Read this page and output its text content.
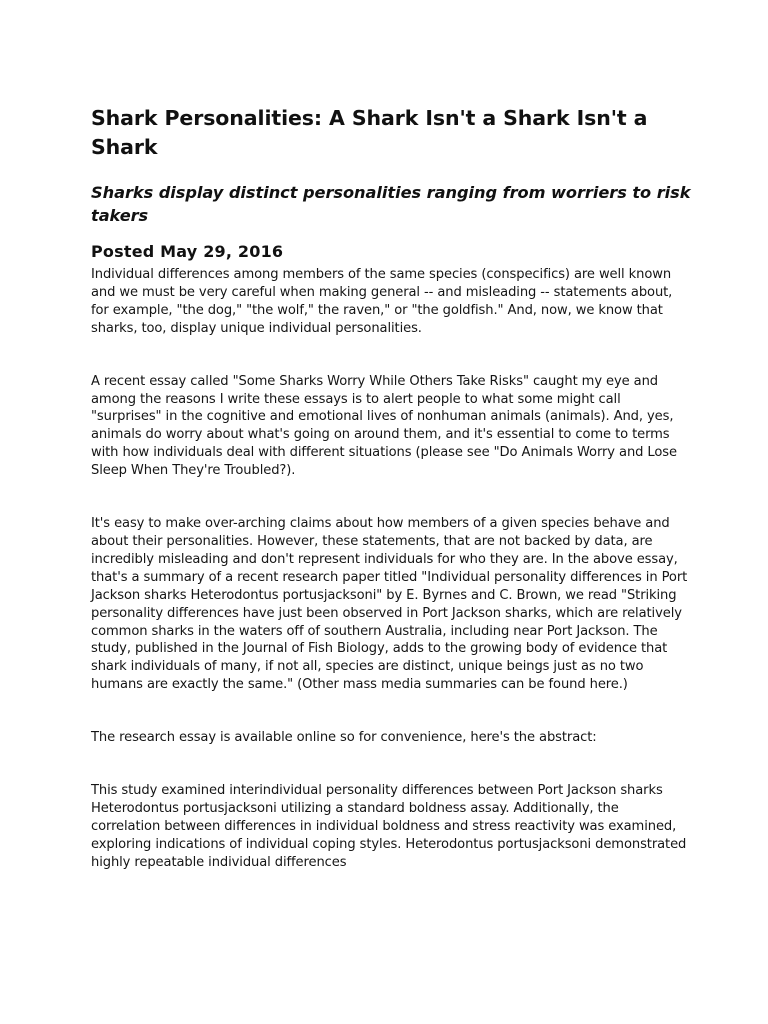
Shark Personalities: A Shark Isn't a Shark Isn't a Shark
Sharks display distinct personalities ranging from worriers to risk takers
Posted May 29, 2016

Individual differences among members of the same species (conspecifics) are well known and we must be very careful when making general -- and misleading -- statements about, for example, "the dog," "the wolf," the raven," or "the goldfish." And, now, we know that sharks, too, display unique individual personalities.

A recent essay called "Some Sharks Worry While Others Take Risks" caught my eye and among the reasons I write these essays is to alert people to what some might call "surprises" in the cognitive and emotional lives of nonhuman animals (animals). And, yes, animals do worry about what's going on around them, and it's essential to come to terms with how individuals deal with different situations (please see "Do Animals Worry and Lose Sleep When They're Troubled?).

It's easy to make over-arching claims about how members of a given species behave and about their personalities. However, these statements, that are not backed by data, are incredibly misleading and don't represent individuals for who they are. In the above essay, that's a summary of a recent research paper titled "Individual personality differences in Port Jackson sharks Heterodontus portusjacksoni" by E. Byrnes and C. Brown, we read "Striking personality differences have just been observed in Port Jackson sharks, which are relatively common sharks in the waters off of southern Australia, including near Port Jackson. The study, published in the Journal of Fish Biology, adds to the growing body of evidence that shark individuals of many, if not all, species are distinct, unique beings just as no two humans are exactly the same." (Other mass media summaries can be found here.)

The research essay is available online so for convenience, here's the abstract:

This study examined interindividual personality differences between Port Jackson sharks Heterodontus portusjacksoni utilizing a standard boldness assay. Additionally, the correlation between differences in individual boldness and stress reactivity was examined, exploring indications of individual coping styles. Heterodontus portusjacksoni demonstrated highly repeatable individual differences
